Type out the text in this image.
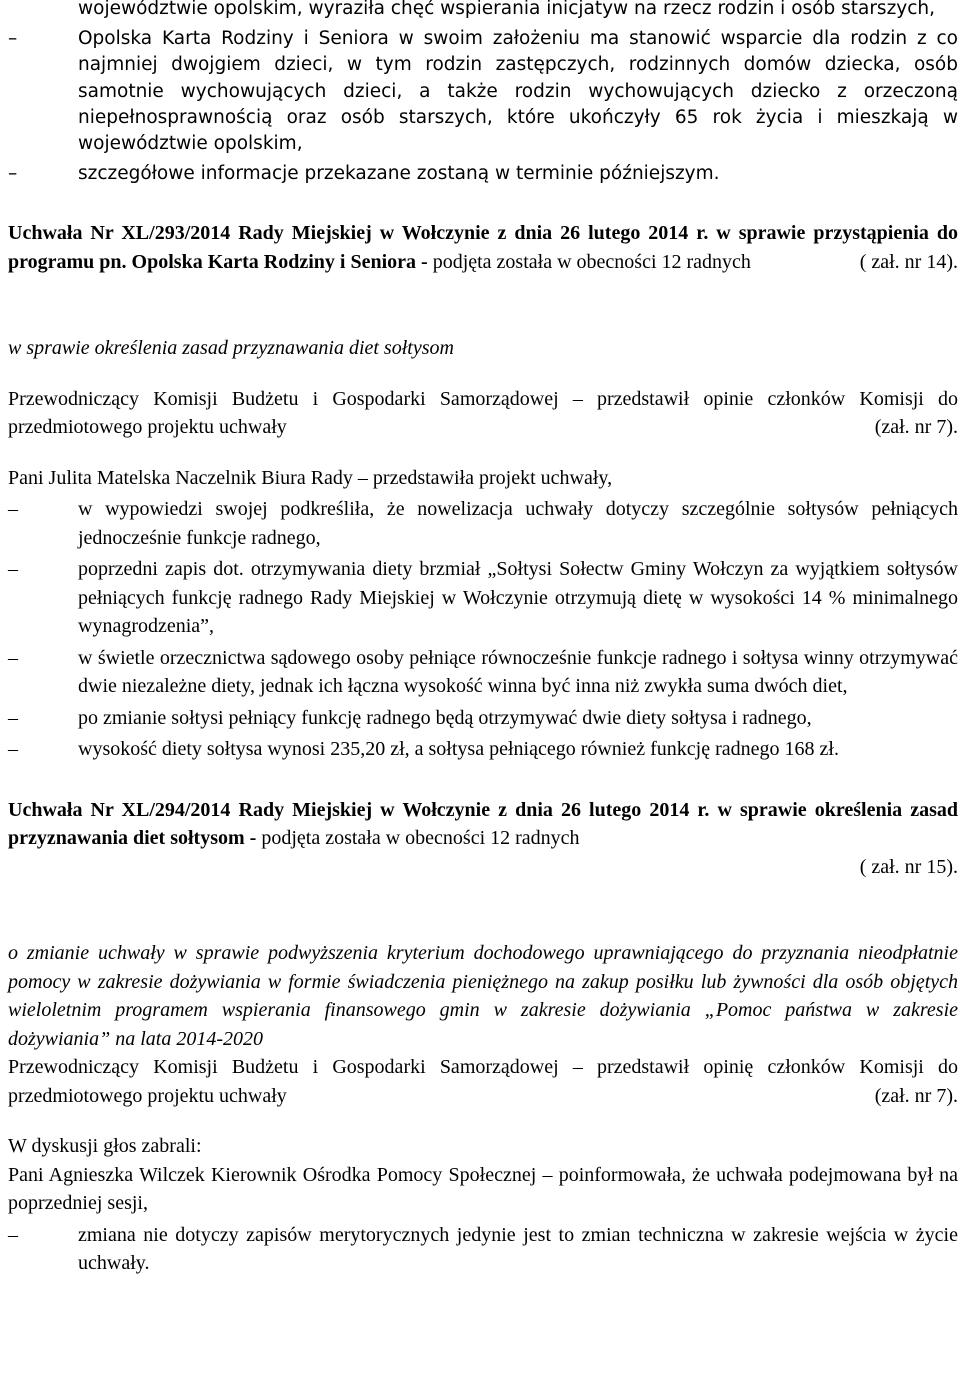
województwie opolskim, wyraziła chęć wspierania inicjatyw na rzecz rodzin i osób starszych,
–	Opolska Karta Rodziny i Seniora w swoim założeniu ma stanowić wsparcie dla rodzin z co najmniej dwojgiem dzieci, w tym rodzin zastępczych, rodzinnych domów dziecka, osób samotnie wychowujących dzieci, a także rodzin wychowujących dziecko z orzeczoną niepełnosprawnością oraz osób starszych, które ukończyły 65 rok życia i mieszkają w województwie opolskim,
–	szczegółowe informacje przekazane zostaną w terminie późniejszym.

Uchwała Nr XL/293/2014 Rady Miejskiej w Wołczynie z dnia 26 lutego 2014 r. w sprawie przystąpienia do programu pn. Opolska Karta Rodziny i Seniora - podjęta została w obecności 12 radnych	( zał. nr 14).

w sprawie określenia zasad przyznawania diet sołtysom

Przewodniczący Komisji Budżetu i Gospodarki Samorządowej – przedstawił opinie członków Komisji do przedmiotowego projektu uchwały	(zał. nr 7).

Pani Julita Matelska Naczelnik Biura Rady – przedstawiła projekt uchwały,

–	w wypowiedzi swojej podkreśliła, że nowelizacja uchwały dotyczy szczególnie sołtysów pełniących jednocześnie funkcje radnego,
–	poprzedni zapis dot. otrzymywania diety brzmiał „Sołtysi Sołectw Gminy Wołczyn za wyjątkiem sołtysów pełniących funkcję radnego Rady Miejskiej w Wołczynie otrzymują dietę w wysokości 14 % minimalnego wynagrodzenia”,
–	w świetle orzecznictwa sądowego osoby pełniące równocześnie funkcje radnego i sołtysa winny otrzymywać dwie niezależne diety, jednak ich łączna wysokość winna być inna niż zwykła suma dwóch diet,
–	po zmianie sołtysi pełniący funkcję radnego będą otrzymywać dwie diety sołtysa i radnego,
–	wysokość diety sołtysa wynosi 235,20 zł, a sołtysa pełniącego również funkcję radnego 168 zł.

Uchwała Nr XL/294/2014 Rady Miejskiej w Wołczynie z dnia 26 lutego 2014 r. w sprawie określenia zasad przyznawania diet sołtysom - podjęta została w obecności 12 radnych

( zał. nr 15).

o zmianie uchwały w sprawie podwyższenia kryterium dochodowego uprawniającego do przyznania nieodpłatnie pomocy w zakresie dożywiania w formie świadczenia pieniężnego na zakup posiłku lub żywności dla osób objętych wieloletnim programem wspierania finansowego gmin w zakresie dożywiania „Pomoc państwa w zakresie dożywiania” na lata 2014-2020

Przewodniczący Komisji Budżetu i Gospodarki Samorządowej – przedstawił opinię członków Komisji do przedmiotowego projektu uchwały	(zał. nr 7).

W dyskusji głos zabrali:

Pani Agnieszka Wilczek Kierownik Ośrodka Pomocy Społecznej – poinformowała, że uchwała podejmowana był na poprzedniej sesji,

–	zmiana nie dotyczy zapisów merytorycznych jedynie jest to zmian techniczna w zakresie wejścia w życie uchwały.
